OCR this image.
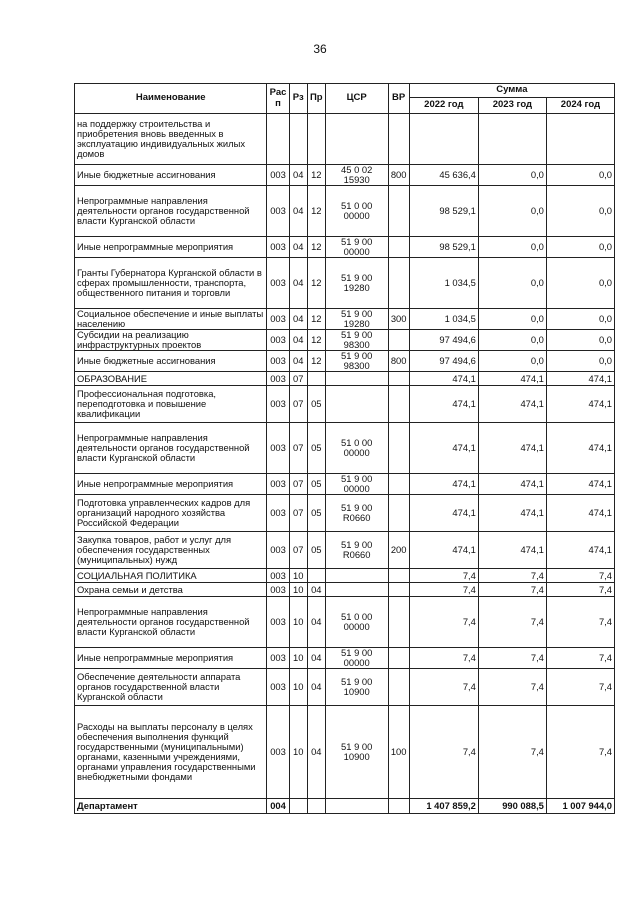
36
Наименование	Рас п	Рз	Пр	ЦСР	ВР	Сумма		
						2022 год	2023 год	2024 год
на поддержку строительства и приобретения вновь введенных в эксплуатацию индивидуальных жилых домов								
Иные бюджетные ассигнования	003	04	12	45 0 02 15930	800	45 636,4	0,0	0,0
Непрограммные направления деятельности органов государственной власти Курганской области	003	04	12	51 0 00 00000		98 529,1	0,0	0,0
Иные непрограммные мероприятия	003	04	12	51 9 00 00000		98 529,1	0,0	0,0
Гранты Губернатора Курганской области в сферах промышленности, транспорта, общественного питания и торговли	003	04	12	51 9 00 19280		1 034,5	0,0	0,0
Социальное обеспечение и иные выплаты населению	003	04	12	51 9 00 19280	300	1 034,5	0,0	0,0
Субсидии на реализацию инфраструктурных проектов	003	04	12	51 9 00 98300		97 494,6	0,0	0,0
Иные бюджетные ассигнования	003	04	12	51 9 00 98300	800	97 494,6	0,0	0,0
ОБРАЗОВАНИЕ	003	07				474,1	474,1	474,1
Профессиональная подготовка, переподготовка и повышение квалификации	003	07	05			474,1	474,1	474,1
Непрограммные направления деятельности органов государственной власти Курганской области	003	07	05	51 0 00 00000		474,1	474,1	474,1
Иные непрограммные мероприятия	003	07	05	51 9 00 00000		474,1	474,1	474,1
Подготовка управленческих кадров для организаций народного хозяйства Российской Федерации	003	07	05	51 9 00 R0660		474,1	474,1	474,1
Закупка товаров, работ и услуг для обеспечения государственных (муниципальных) нужд	003	07	05	51 9 00 R0660	200	474,1	474,1	474,1
СОЦИАЛЬНАЯ ПОЛИТИКА	003	10				7,4	7,4	7,4
Охрана семьи и детства	003	10	04			7,4	7,4	7,4
Непрограммные направления деятельности органов государственной власти Курганской области	003	10	04	51 0 00 00000		7,4	7,4	7,4
Иные непрограммные мероприятия	003	10	04	51 9 00 00000		7,4	7,4	7,4
Обеспечение деятельности аппарата органов государственной власти Курганской области	003	10	04	51 9 00 10900		7,4	7,4	7,4
Расходы на выплаты персоналу в целях обеспечения выполнения функций государственными (муниципальными) органами, казенными учреждениями, органами управления государственными внебюджетными фондами	003	10	04	51 9 00 10900	100	7,4	7,4	7,4
Департамент	004					1 407 859,2	990 088,5	1 007 944,0
